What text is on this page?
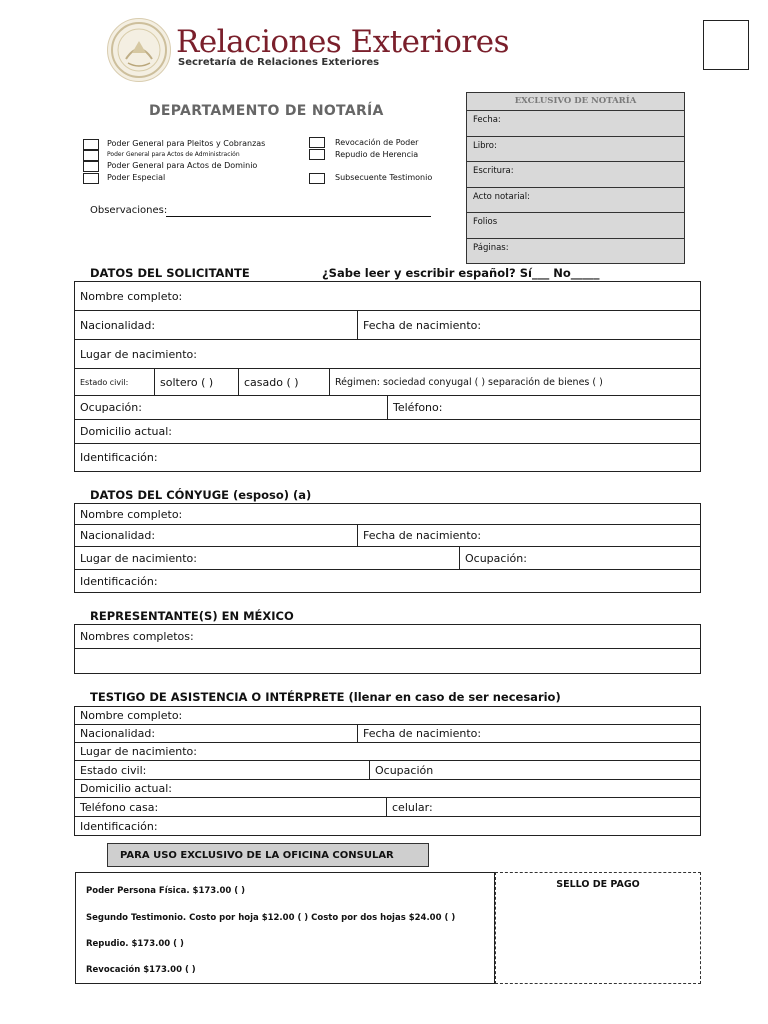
Relaciones Exteriores
Secretaría de Relaciones Exteriores
DEPARTAMENTO DE NOTARÍA
Poder General para Pleitos y Cobranzas
Poder General para Actos de Administración
Poder General para Actos de Dominio
Poder Especial
Revocación de Poder
Repudio de Herencia
Subsecuente Testimonio
Observaciones:
EXCLUSIVO DE NOTARÍA
Fecha:
Libro:
Escritura:
Acto notarial:
Folios
Páginas:
DATOS DEL SOLICITANTE	¿Sabe leer y escribir español? Sí___ No_____
Nombre completo:
Nacionalidad:	Fecha de nacimiento:
Lugar de nacimiento:
Estado civil:	soltero ( )	casado ( )	Régimen: sociedad conyugal ( ) separación de bienes ( )
Ocupación:	Teléfono:
Domicilio actual:
Identificación:
DATOS DEL CÓNYUGE (esposo) (a)
Nombre completo:
Nacionalidad:	Fecha de nacimiento:
Lugar de nacimiento:	Ocupación:
Identificación:
REPRESENTANTE(S) EN MÉXICO
Nombres completos:
TESTIGO DE ASISTENCIA O INTÉRPRETE (llenar en caso de ser necesario)
Nombre completo:
Nacionalidad:	Fecha de nacimiento:
Lugar de nacimiento:
Estado civil:	Ocupación
Domicilio actual:
Teléfono casa:	celular:
Identificación:
PARA USO EXCLUSIVO DE LA OFICINA CONSULAR
Poder Persona Física. $173.00 ( )
Segundo Testimonio. Costo por hoja $12.00 ( ) Costo por dos hojas $24.00 ( )
Repudio. $173.00 ( )
Revocación $173.00 ( )
SELLO DE PAGO
